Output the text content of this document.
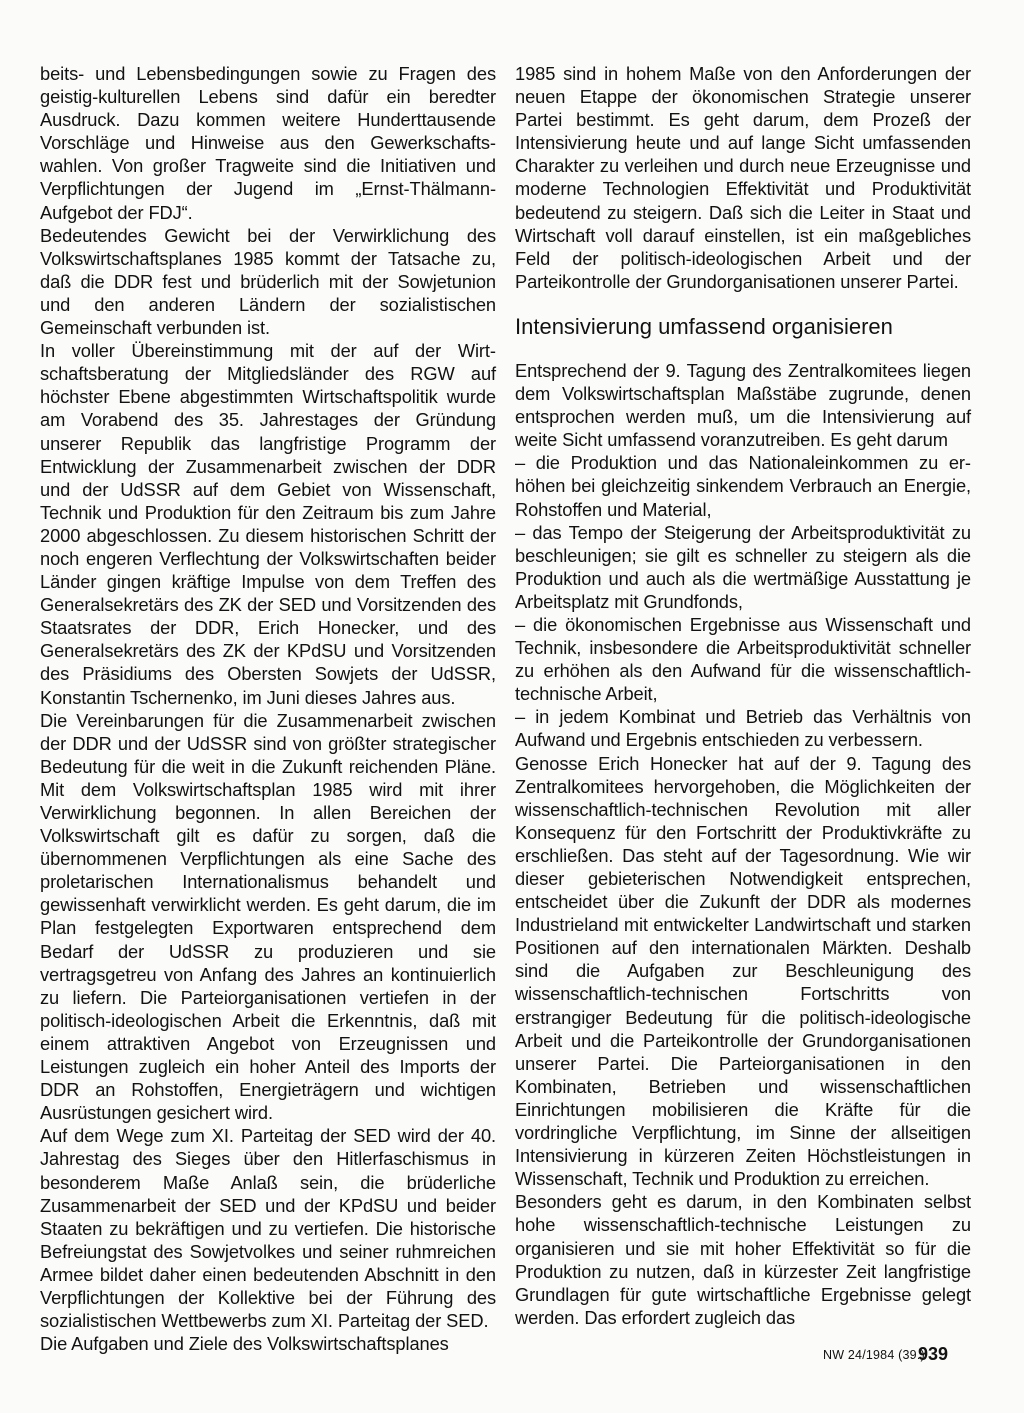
beits- und Lebensbedingungen sowie zu Fragen des geistig-kulturellen Lebens sind dafür ein beredter Ausdruck. Dazu kommen weitere Hunderttausende Vorschläge und Hinweise aus den Gewerkschaftswahlen. Von großer Tragweite sind die Initiativen und Verpflichtungen der Jugend im „Ernst-Thälmann-Aufgebot der FDJ“.

Bedeutendes Gewicht bei der Verwirklichung des Volkswirtschaftsplanes 1985 kommt der Tatsache zu, daß die DDR fest und brüderlich mit der Sowjetunion und den anderen Ländern der sozialistischen Gemeinschaft verbunden ist.

In voller Übereinstimmung mit der auf der Wirtschaftsberatung der Mitgliedsländer des RGW auf höchster Ebene abgestimmten Wirtschaftspolitik wurde am Vorabend des 35. Jahrestages der Gründung unserer Republik das langfristige Programm der Entwicklung der Zusammenarbeit zwischen der DDR und der UdSSR auf dem Gebiet von Wissenschaft, Technik und Produktion für den Zeitraum bis zum Jahre 2000 abgeschlossen. Zu diesem historischen Schritt der noch engeren Verflechtung der Volkswirtschaften beider Länder gingen kräftige Impulse von dem Treffen des Generalsekretärs des ZK der SED und Vorsitzenden des Staatsrates der DDR, Erich Honecker, und des Generalsekretärs des ZK der KPdSU und Vorsitzenden des Präsidiums des Obersten Sowjets der UdSSR, Konstantin Tschernenko, im Juni dieses Jahres aus.

Die Vereinbarungen für die Zusammenarbeit zwischen der DDR und der UdSSR sind von größter strategischer Bedeutung für die weit in die Zukunft reichenden Pläne. Mit dem Volkswirtschaftsplan 1985 wird mit ihrer Verwirklichung begonnen. In allen Bereichen der Volkswirtschaft gilt es dafür zu sorgen, daß die übernommenen Verpflichtungen als eine Sache des proletarischen Internationalismus behandelt und gewissenhaft verwirklicht werden. Es geht darum, die im Plan festgelegten Exportwaren entsprechend dem Bedarf der UdSSR zu produzieren und sie vertragsgetreu von Anfang des Jahres an kontinuierlich zu liefern. Die Parteiorganisationen vertiefen in der politisch-ideologischen Arbeit die Erkenntnis, daß mit einem attraktiven Angebot von Erzeugnissen und Leistungen zugleich ein hoher Anteil des Imports der DDR an Rohstoffen, Energieträgern und wichtigen Ausrüstungen gesichert wird.

Auf dem Wege zum XI. Parteitag der SED wird der 40. Jahrestag des Sieges über den Hitlerfaschismus in besonderem Maße Anlaß sein, die brüderliche Zusammenarbeit der SED und der KPdSU und beider Staaten zu bekräftigen und zu vertiefen. Die historische Befreiungstat des Sowjetvolkes und seiner ruhmreichen Armee bildet daher einen bedeutenden Abschnitt in den Verpflichtungen der Kollektive bei der Führung des sozialistischen Wettbewerbs zum XI. Parteitag der SED.

Die Aufgaben und Ziele des Volkswirtschaftsplanes

1985 sind in hohem Maße von den Anforderungen der neuen Etappe der ökonomischen Strategie unserer Partei bestimmt. Es geht darum, dem Prozeß der Intensivierung heute und auf lange Sicht umfassenden Charakter zu verleihen und durch neue Erzeugnisse und moderne Technologien Effektivität und Produktivität bedeutend zu steigern. Daß sich die Leiter in Staat und Wirtschaft voll darauf einstellen, ist ein maßgebliches Feld der politisch-ideologischen Arbeit und der Parteikontrolle der Grundorganisationen unserer Partei.

Intensivierung umfassend organisieren

Entsprechend der 9. Tagung des Zentralkomitees liegen dem Volkswirtschaftsplan Maßstäbe zugrunde, denen entsprochen werden muß, um die Intensivierung auf weite Sicht umfassend voranzutreiben. Es geht darum

– die Produktion und das Nationaleinkommen zu erhöhen bei gleichzeitig sinkendem Verbrauch an Energie, Rohstoffen und Material,

– das Tempo der Steigerung der Arbeitsproduktivität zu beschleunigen; sie gilt es schneller zu steigern als die Produktion und auch als die wertmäßige Ausstattung je Arbeitsplatz mit Grundfonds,

– die ökonomischen Ergebnisse aus Wissenschaft und Technik, insbesondere die Arbeitsproduktivität schneller zu erhöhen als den Aufwand für die wissenschaftlich-technische Arbeit,

– in jedem Kombinat und Betrieb das Verhältnis von Aufwand und Ergebnis entschieden zu verbessern.

Genosse Erich Honecker hat auf der 9. Tagung des Zentralkomitees hervorgehoben, die Möglichkeiten der wissenschaftlich-technischen Revolution mit aller Konsequenz für den Fortschritt der Produktivkräfte zu erschließen. Das steht auf der Tagesordnung. Wie wir dieser gebieterischen Notwendigkeit entsprechen, entscheidet über die Zukunft der DDR als modernes Industrieland mit entwickelter Landwirtschaft und starken Positionen auf den internationalen Märkten. Deshalb sind die Aufgaben zur Beschleunigung des wissenschaftlich-technischen Fortschritts von erstrangiger Bedeutung für die politisch-ideologische Arbeit und die Parteikontrolle der Grundorganisationen unserer Partei. Die Parteiorganisationen in den Kombinaten, Betrieben und wissenschaftlichen Einrichtungen mobilisieren die Kräfte für die vordringliche Verpflichtung, im Sinne der allseitigen Intensivierung in kürzeren Zeiten Höchstleistungen in Wissenschaft, Technik und Produktion zu erreichen.

Besonders geht es darum, in den Kombinaten selbst hohe wissenschaftlich-technische Leistungen zu organisieren und sie mit hoher Effektivität so für die Produktion zu nutzen, daß in kürzester Zeit langfristige Grundlagen für gute wirtschaftliche Ergebnisse gelegt werden. Das erfordert zugleich das

NW 24/1984 (39.)
939
